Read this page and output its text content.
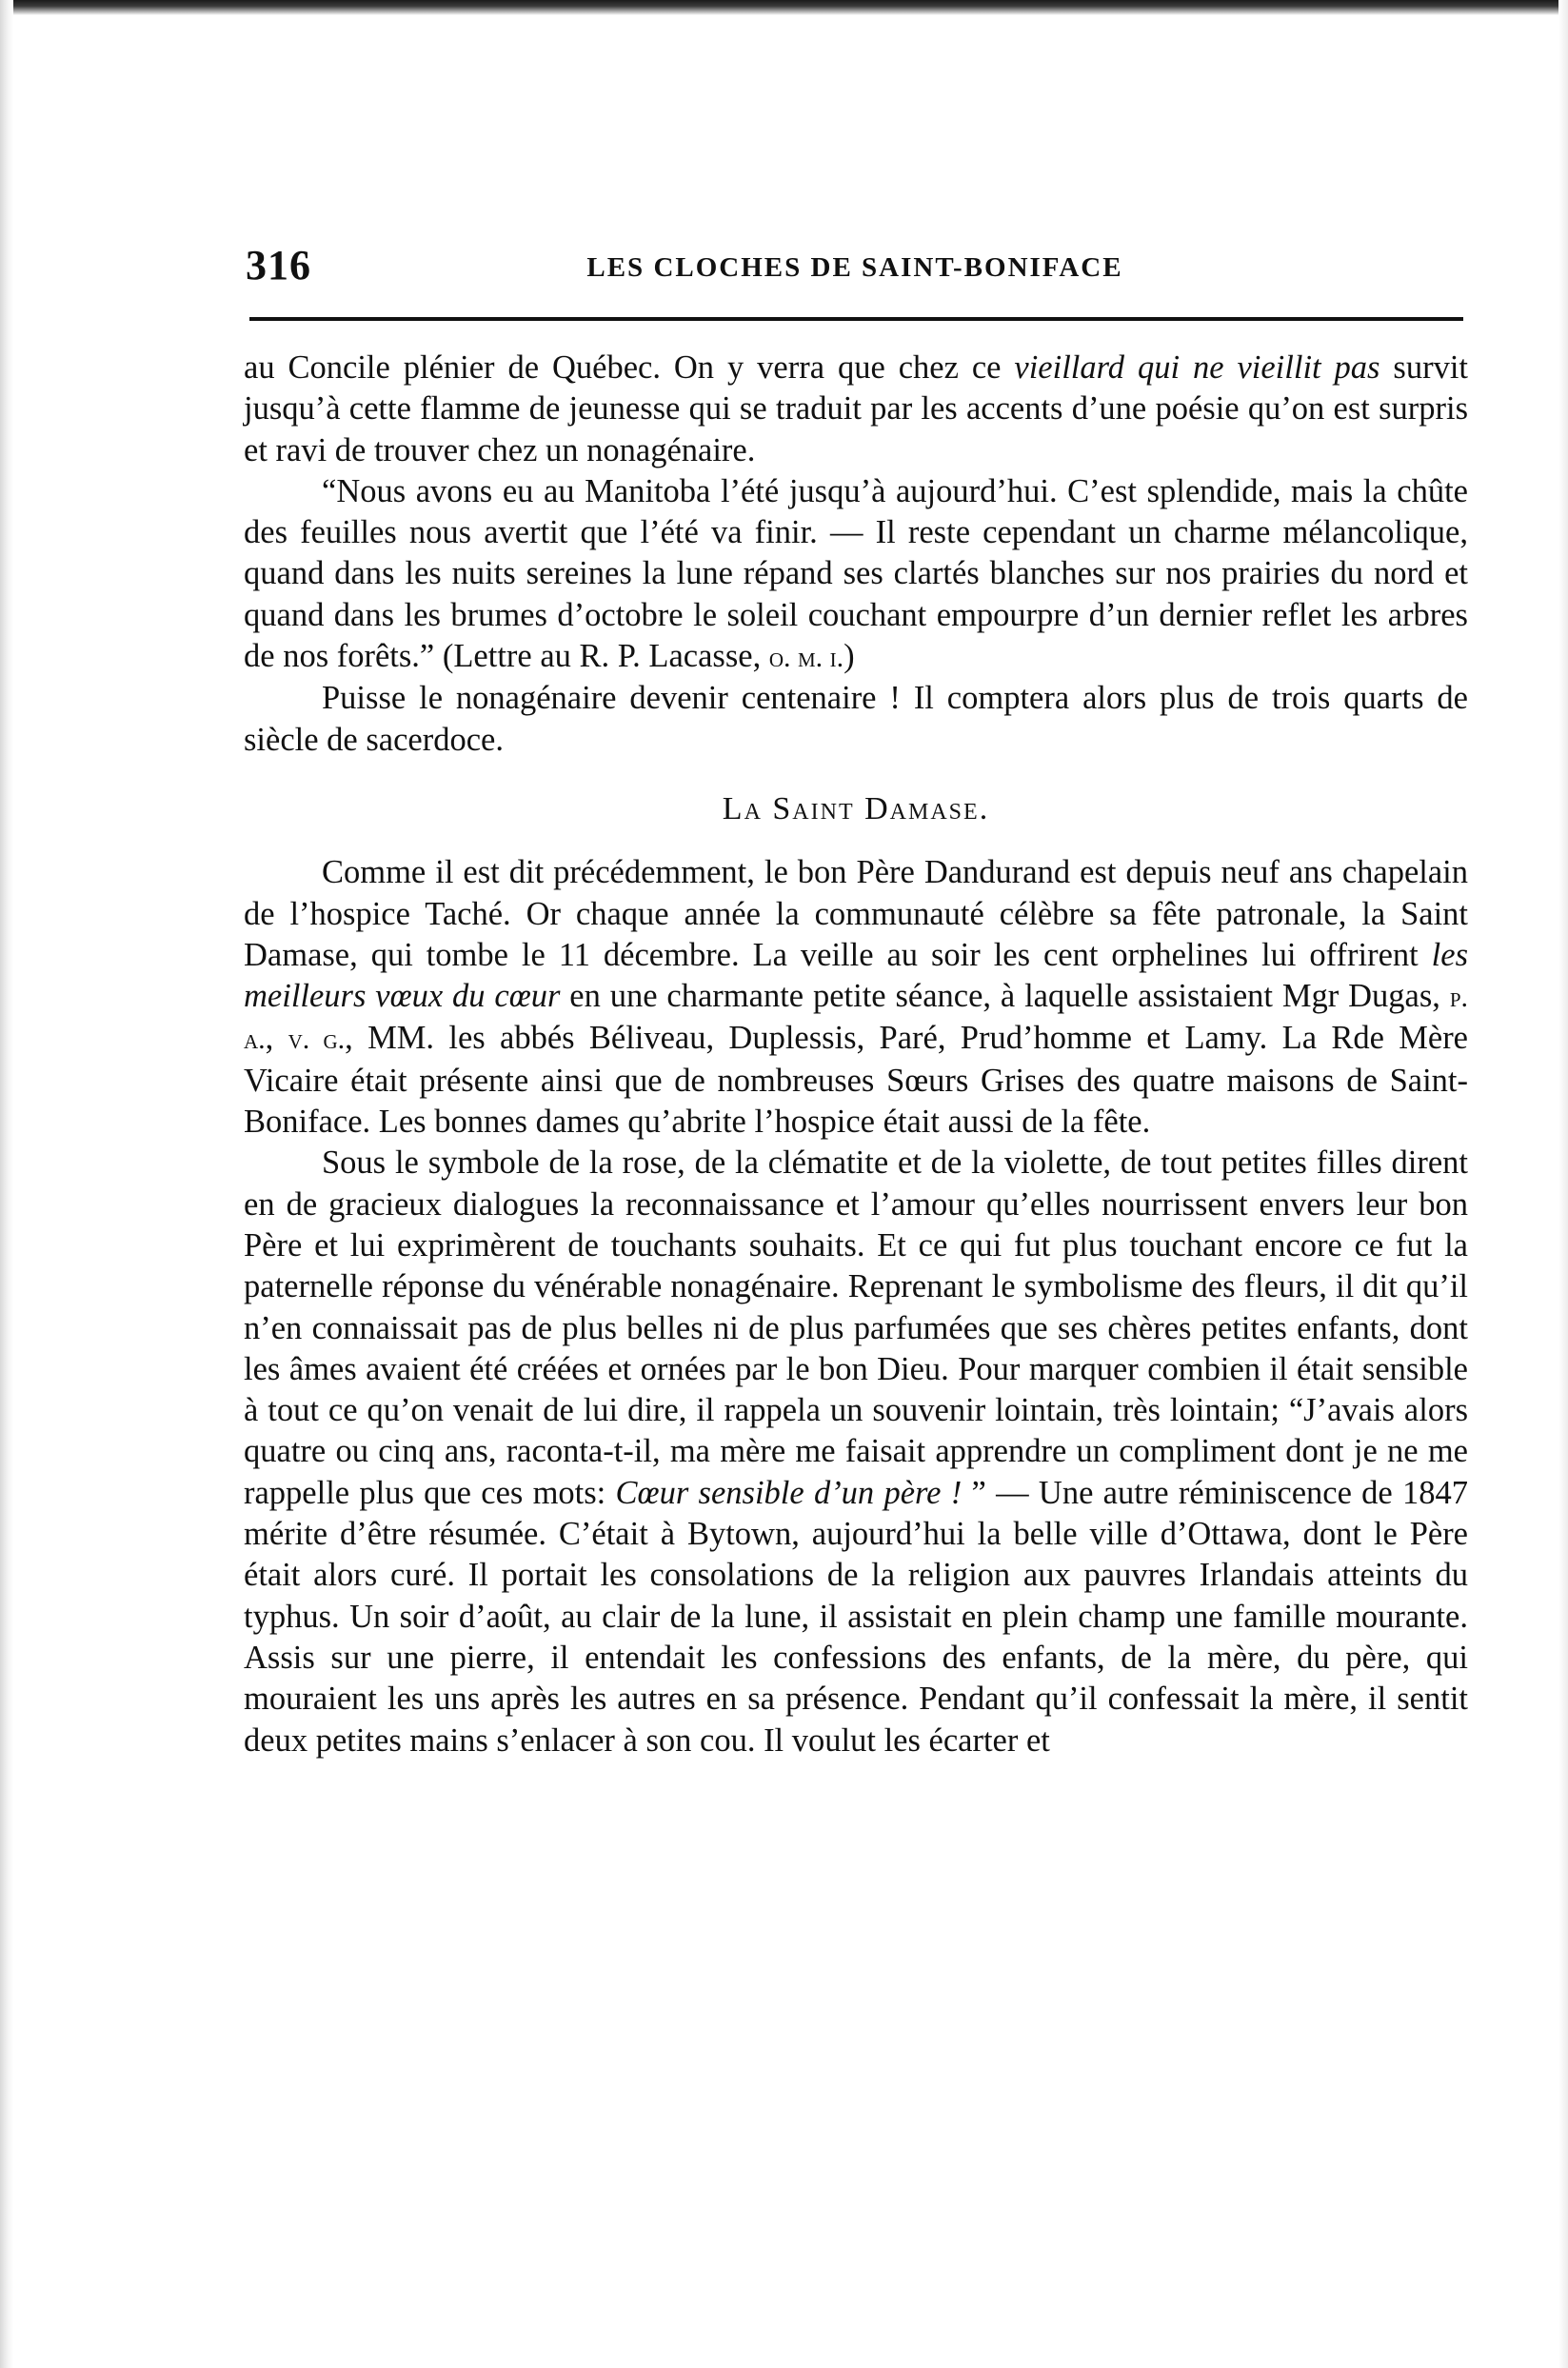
316	LES CLOCHES DE SAINT-BONIFACE

au Concile plénier de Québec. On y verra que chez ce vieillard qui ne vieillit pas survit jusqu’à cette flamme de jeunesse qui se traduit par les accents d’une poésie qu’on est surpris et ravi de trouver chez un nonagénaire.

“Nous avons eu au Manitoba l’été jusqu’à aujourd’hui. C’est splendide, mais la chûte des feuilles nous avertit que l’été va finir. — Il reste cependant un charme mélancolique, quand dans les nuits sereines la lune répand ses clartés blanches sur nos prairies du nord et quand dans les brumes d’octobre le soleil couchant empourpre d’un dernier reflet les arbres de nos forêts.” (Lettre au R. P. Lacasse, o. m. i.)

Puisse le nonagénaire devenir centenaire ! Il comptera alors plus de trois quarts de siècle de sacerdoce.

La Saint Damase.

Comme il est dit précédemment, le bon Père Dandurand est depuis neuf ans chapelain de l’hospice Taché. Or chaque année la communauté célèbre sa fête patronale, la Saint Damase, qui tombe le 11 décembre. La veille au soir les cent orphelines lui offrirent les meilleurs vœux du cœur en une charmante petite séance, à laquelle assistaient Mgr Dugas, p. a., v. g., MM. les abbés Béliveau, Duplessis, Paré, Prud’homme et Lamy. La Rde Mère Vicaire était présente ainsi que de nombreuses Sœurs Grises des quatre maisons de Saint-Boniface. Les bonnes dames qu’abrite l’hospice était aussi de la fête.

Sous le symbole de la rose, de la clématite et de la violette, de tout petites filles dirent en de gracieux dialogues la reconnaissance et l’amour qu’elles nourrissent envers leur bon Père et lui exprimèrent de touchants souhaits. Et ce qui fut plus touchant encore ce fut la paternelle réponse du vénérable nonagénaire. Reprenant le symbolisme des fleurs, il dit qu’il n’en connaissait pas de plus belles ni de plus parfumées que ses chères petites enfants, dont les âmes avaient été créées et ornées par le bon Dieu. Pour marquer combien il était sensible à tout ce qu’on venait de lui dire, il rappela un souvenir lointain, très lointain; “J’avais alors quatre ou cinq ans, raconta-t-il, ma mère me faisait apprendre un compliment dont je ne me rappelle plus que ces mots: Cœur sensible d’un père ! ” — Une autre réminiscence de 1847 mérite d’être résumée. C’était à Bytown, aujourd’hui la belle ville d’Ottawa, dont le Père était alors curé. Il portait les consolations de la religion aux pauvres Irlandais atteints du typhus. Un soir d’août, au clair de la lune, il assistait en plein champ une famille mourante. Assis sur une pierre, il entendait les confessions des enfants, de la mère, du père, qui mouraient les uns après les autres en sa présence. Pendant qu’il confessait la mère, il sentit deux petites mains s’enlacer à son cou. Il voulut les écarter et
